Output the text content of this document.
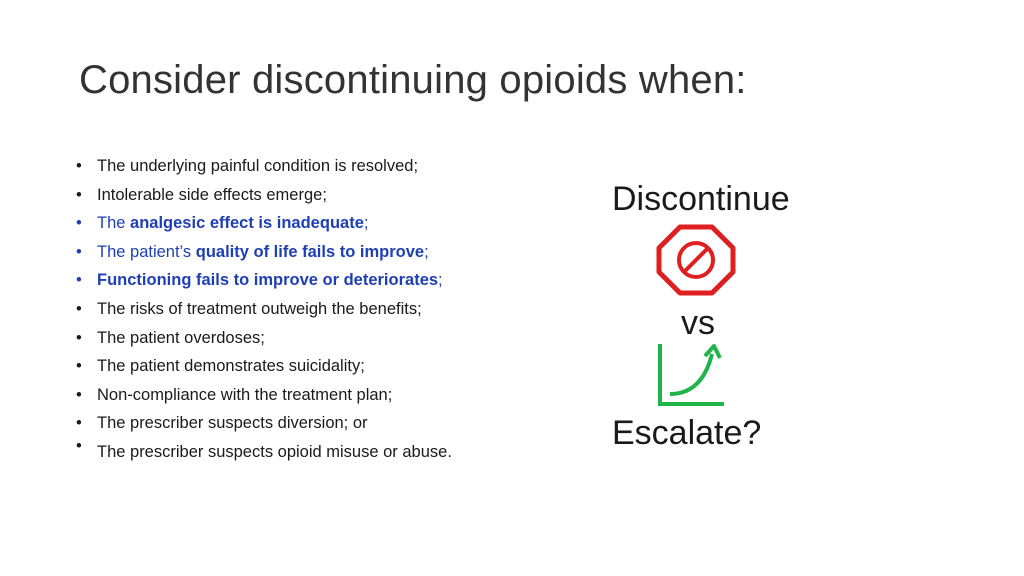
Consider discontinuing opioids when:
• The underlying painful condition is resolved;
• Intolerable side effects emerge;
• The analgesic effect is inadequate;
• The patient’s quality of life fails to improve;
• Functioning fails to improve or deteriorates;
• The risks of treatment outweigh the benefits;
• The patient overdoses;
• The patient demonstrates suicidality;
• Non-compliance with the treatment plan;
• The prescriber suspects diversion; or
• The prescriber suspects opioid misuse or abuse.
Discontinue
vs
Escalate?
